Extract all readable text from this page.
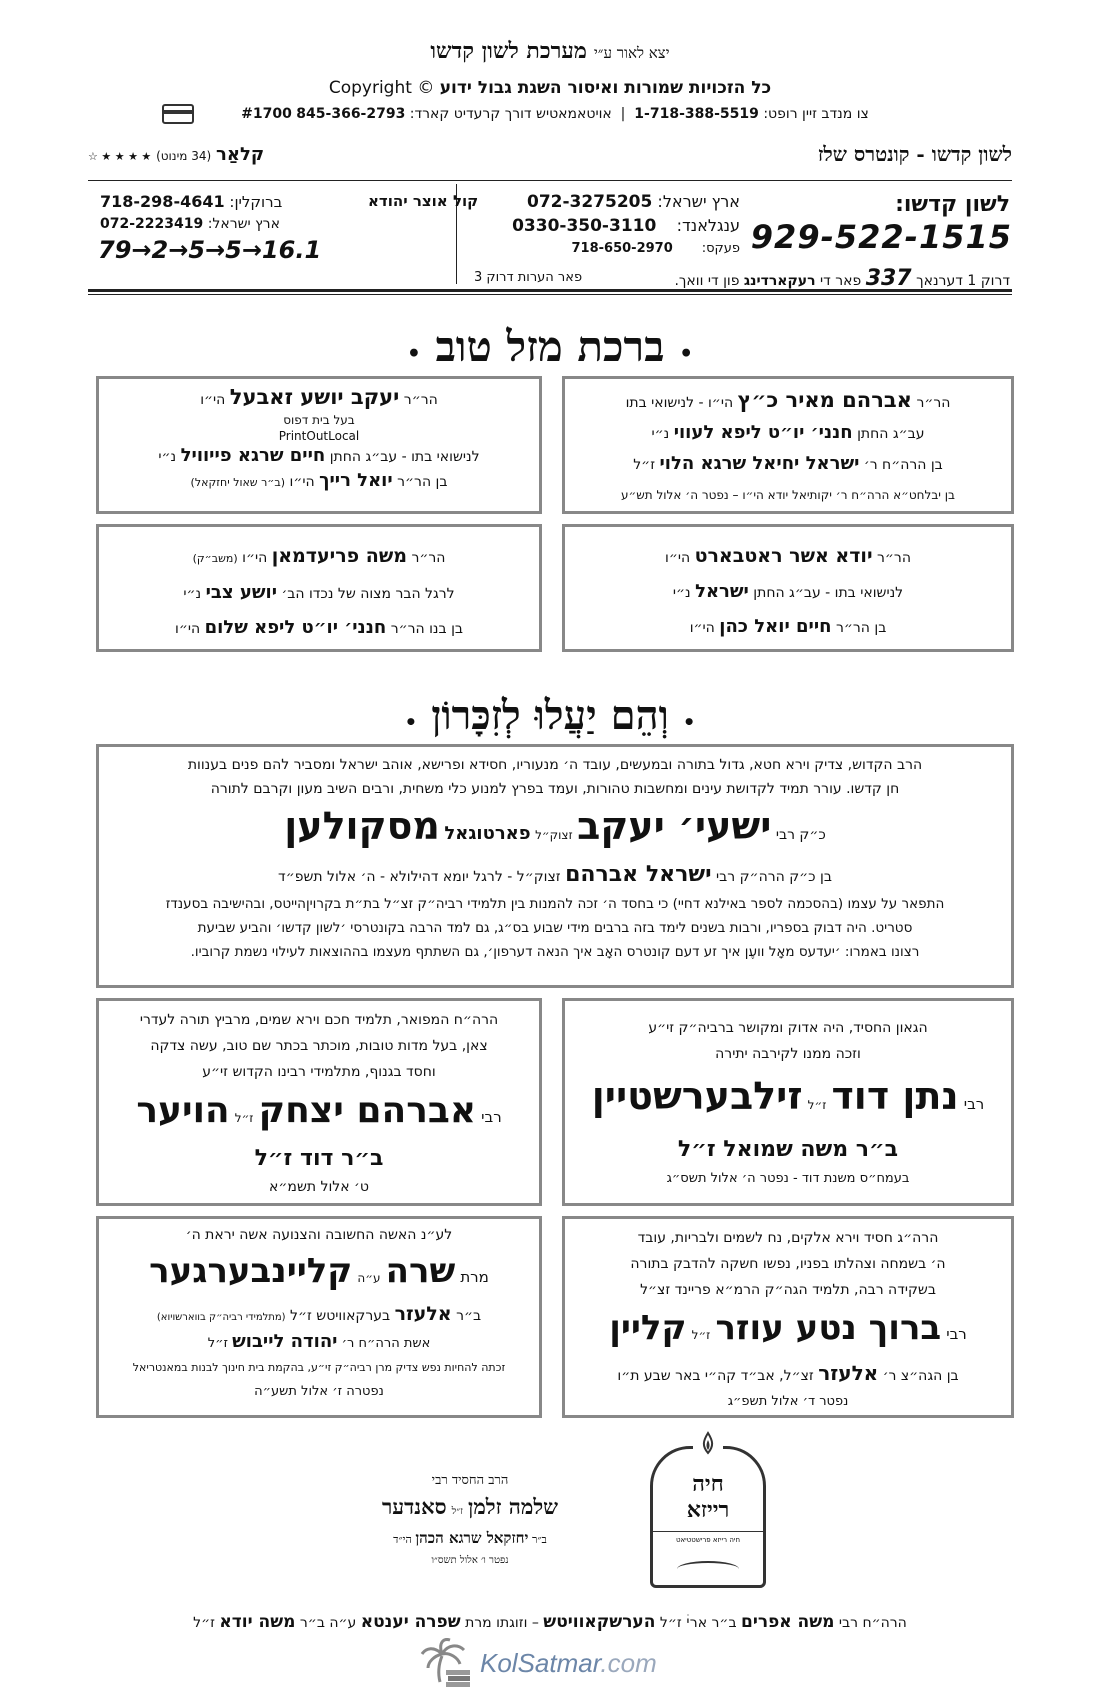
יצא לאור ע״י מערכת לשון קדשו
כל הזכויות שמורות ואיסור השגת גבול ידוע Copyright ©
צו מנדב זיין רופט: 1-718-388-5519  |  אויטאמאטיש דורך קרעדיט קארד: #1700 845-366-2793
לשון קדשו - קונטרס שלז
קלאַר (34 מינוט) ★ ★ ★ ★ ☆
לשון קדשו:
929-522-1515
ארץ ישראל: 072-3275205
ענגלאנד:    0330-350-3110
פעקס:       718-650-2970
קול אוצר יהודא
ברוקלין: 718-298-4641
ארץ ישראל: 072-2223419
79→2→5→5→16.1
דרוק 1 דערנאך 337 פאר די רעקארדינג פון די וואך.
פאר הערות דרוק 3
• ברכת מזל טוב •
הר״ר אברהם מאיר כ״ץ הי״ו - לנישואי בתו
עב״ג החתן חנני׳ יו״ט ליפא לעווי נ״י
בן הרה״ח ר׳ ישראל יחיאל שרגא הלוי ז״ל
בן יבלחט״א הרה״ח ר׳ יקותיאל יודא הי״ו – נפטר ה׳ אלול תש״ע
הר״ר יעקב יושע זאבעל הי״ו
בעל בית דפוס
PrintOutLocal
לנישואי בתו - עב״ג החתן חיים שרגא פייוויל נ״י
בן הר״ר יואל רייך הי״ו (ב״ר שאול יחזקאל)
הר״ר יודא אשר ראטבארט הי״ו
לנישואי בתו - עב״ג החתן ישראל נ״י
בן הר״ר חיים יואל כהן הי״ו
הר״ר משה פריעדמאן הי״ו (משב״ק)
לרגל הבר מצוה של נכדו הב׳ יושע צבי נ״י
בן בנו הר״ר חנני׳ יו״ט ליפא שלום הי״ו
• וְהֵם יַעֲלוּ לְזִכָּרוֹן •
הרב הקדוש, צדיק וירא חטא, גדול בתורה ובמעשים, עובד ה׳ מנעוריו, חסידא ופרישא, אוהב ישראל ומסביר להם פנים בענוות
חן קדשו. עורר תמיד לקדושת עינים ומחשבות טהורות, ועמד בפרץ למנוע כלי משחית, ורבים השיב מעון וקרבם לתורה
כ״ק רבי ישעי׳ יעקב זצוק״ל פארטוגאל מסקולען
בן כ״ק הרה״ק רבי ישראל אברהם זצוק״ל - לרגל יומא דהילולא - ה׳ אלול תשפ״ד
התפאר על עצמו (בהסכמה לספר באילנא דחיי) כי בחסד ה׳ זכה להמנות בין תלמידי רביה״ק זצ״ל בת״ת בקרויןהייטס, ובהישיבה בסענדז
סטריט. היה דבוק בספריו, ורבות בשנים לימד בזה ברבים מידי שבוע בס״ג, גם למד הרבה בקונטרסי ׳לשון קדשו׳ והביע שביעת
רצונו באמרו: ׳יעדעס מאָל וועֶן איך זע דעם קונטרס האָב איך הנאה דערפון׳, גם השתתף מעצמו בההוצאות לעילוי נשמת קרוביו.
הגאון החסיד, היה אדוק ומקושר ברביה״ק זי״ע
וזכה ממנו לקירבה יתירה
רבי נתן דוד ז״ל זילבערשטיין
ב״ר משה שמואל ז״ל
בעמח״ס משנת דוד - נפטר ה׳ אלול תשס״ג
הרה״ח המפואר, תלמיד חכם וירא שמים, מרביץ תורה לעדרי
צאן, בעל מדות טובות, מוכתר בכתר שם טוב, עשה צדקה
וחסד בגנוף, מתלמידי רבינו הקדוש זי״ע
רבי אברהם יצחק ז״ל הויער
ב״ר דוד ז״ל
ט׳ אלול תשמ״א
הרה״ג חסיד וירא אלקים, נח לשמים ולבריות, עובד
ה׳ בשמחה וצהלתו בפניו, נפשו חשקה להדבק בתורה
בשקידה רבה, תלמיד הגה״ק הרמ״א פריינד זצ״ל
רבי ברוך נטע עוזר ז״ל קליין
בן הגה״צ ר׳ אלעזר זצ״ל, אב״ד קה״י באר שבע ת״ו
נפטר ד׳ אלול תשפ״ג
לע״נ האשה החשובה והצנועה אשה יראת ה׳
מרת שרה ע״ה קליינבערגער
ב״ר אלעזר בערקאוויטש ז״ל (מתלמידי רביה״ק בווארשויוא)
אשת הרה״ח ר׳ יהודה לייבוש ז״ל
זכתה להחיות נפש צדיק מרן רביה״ק זי״ע, בהקמת בית חינוך לבנות במאנטריאל
נפטרה ז׳ אלול תשע״ה
חיה
רייזא
חיה רייזא פרישטטיאט
הרב החסיד רבי
שלמה זלמן ז״ל סאנדער
ב״ר יחזקאל שרגא הכהן הי״ד
נפטר ו׳ אלול תשס״ו
הרה״ח רבי משה אפרים ב״ר אריׄ ז״ל הערשקאוויטש – וזוגתו מרת שפרה יענטא ע״ה ב״ר משה יודא ז״ל
KolSatmar.com
